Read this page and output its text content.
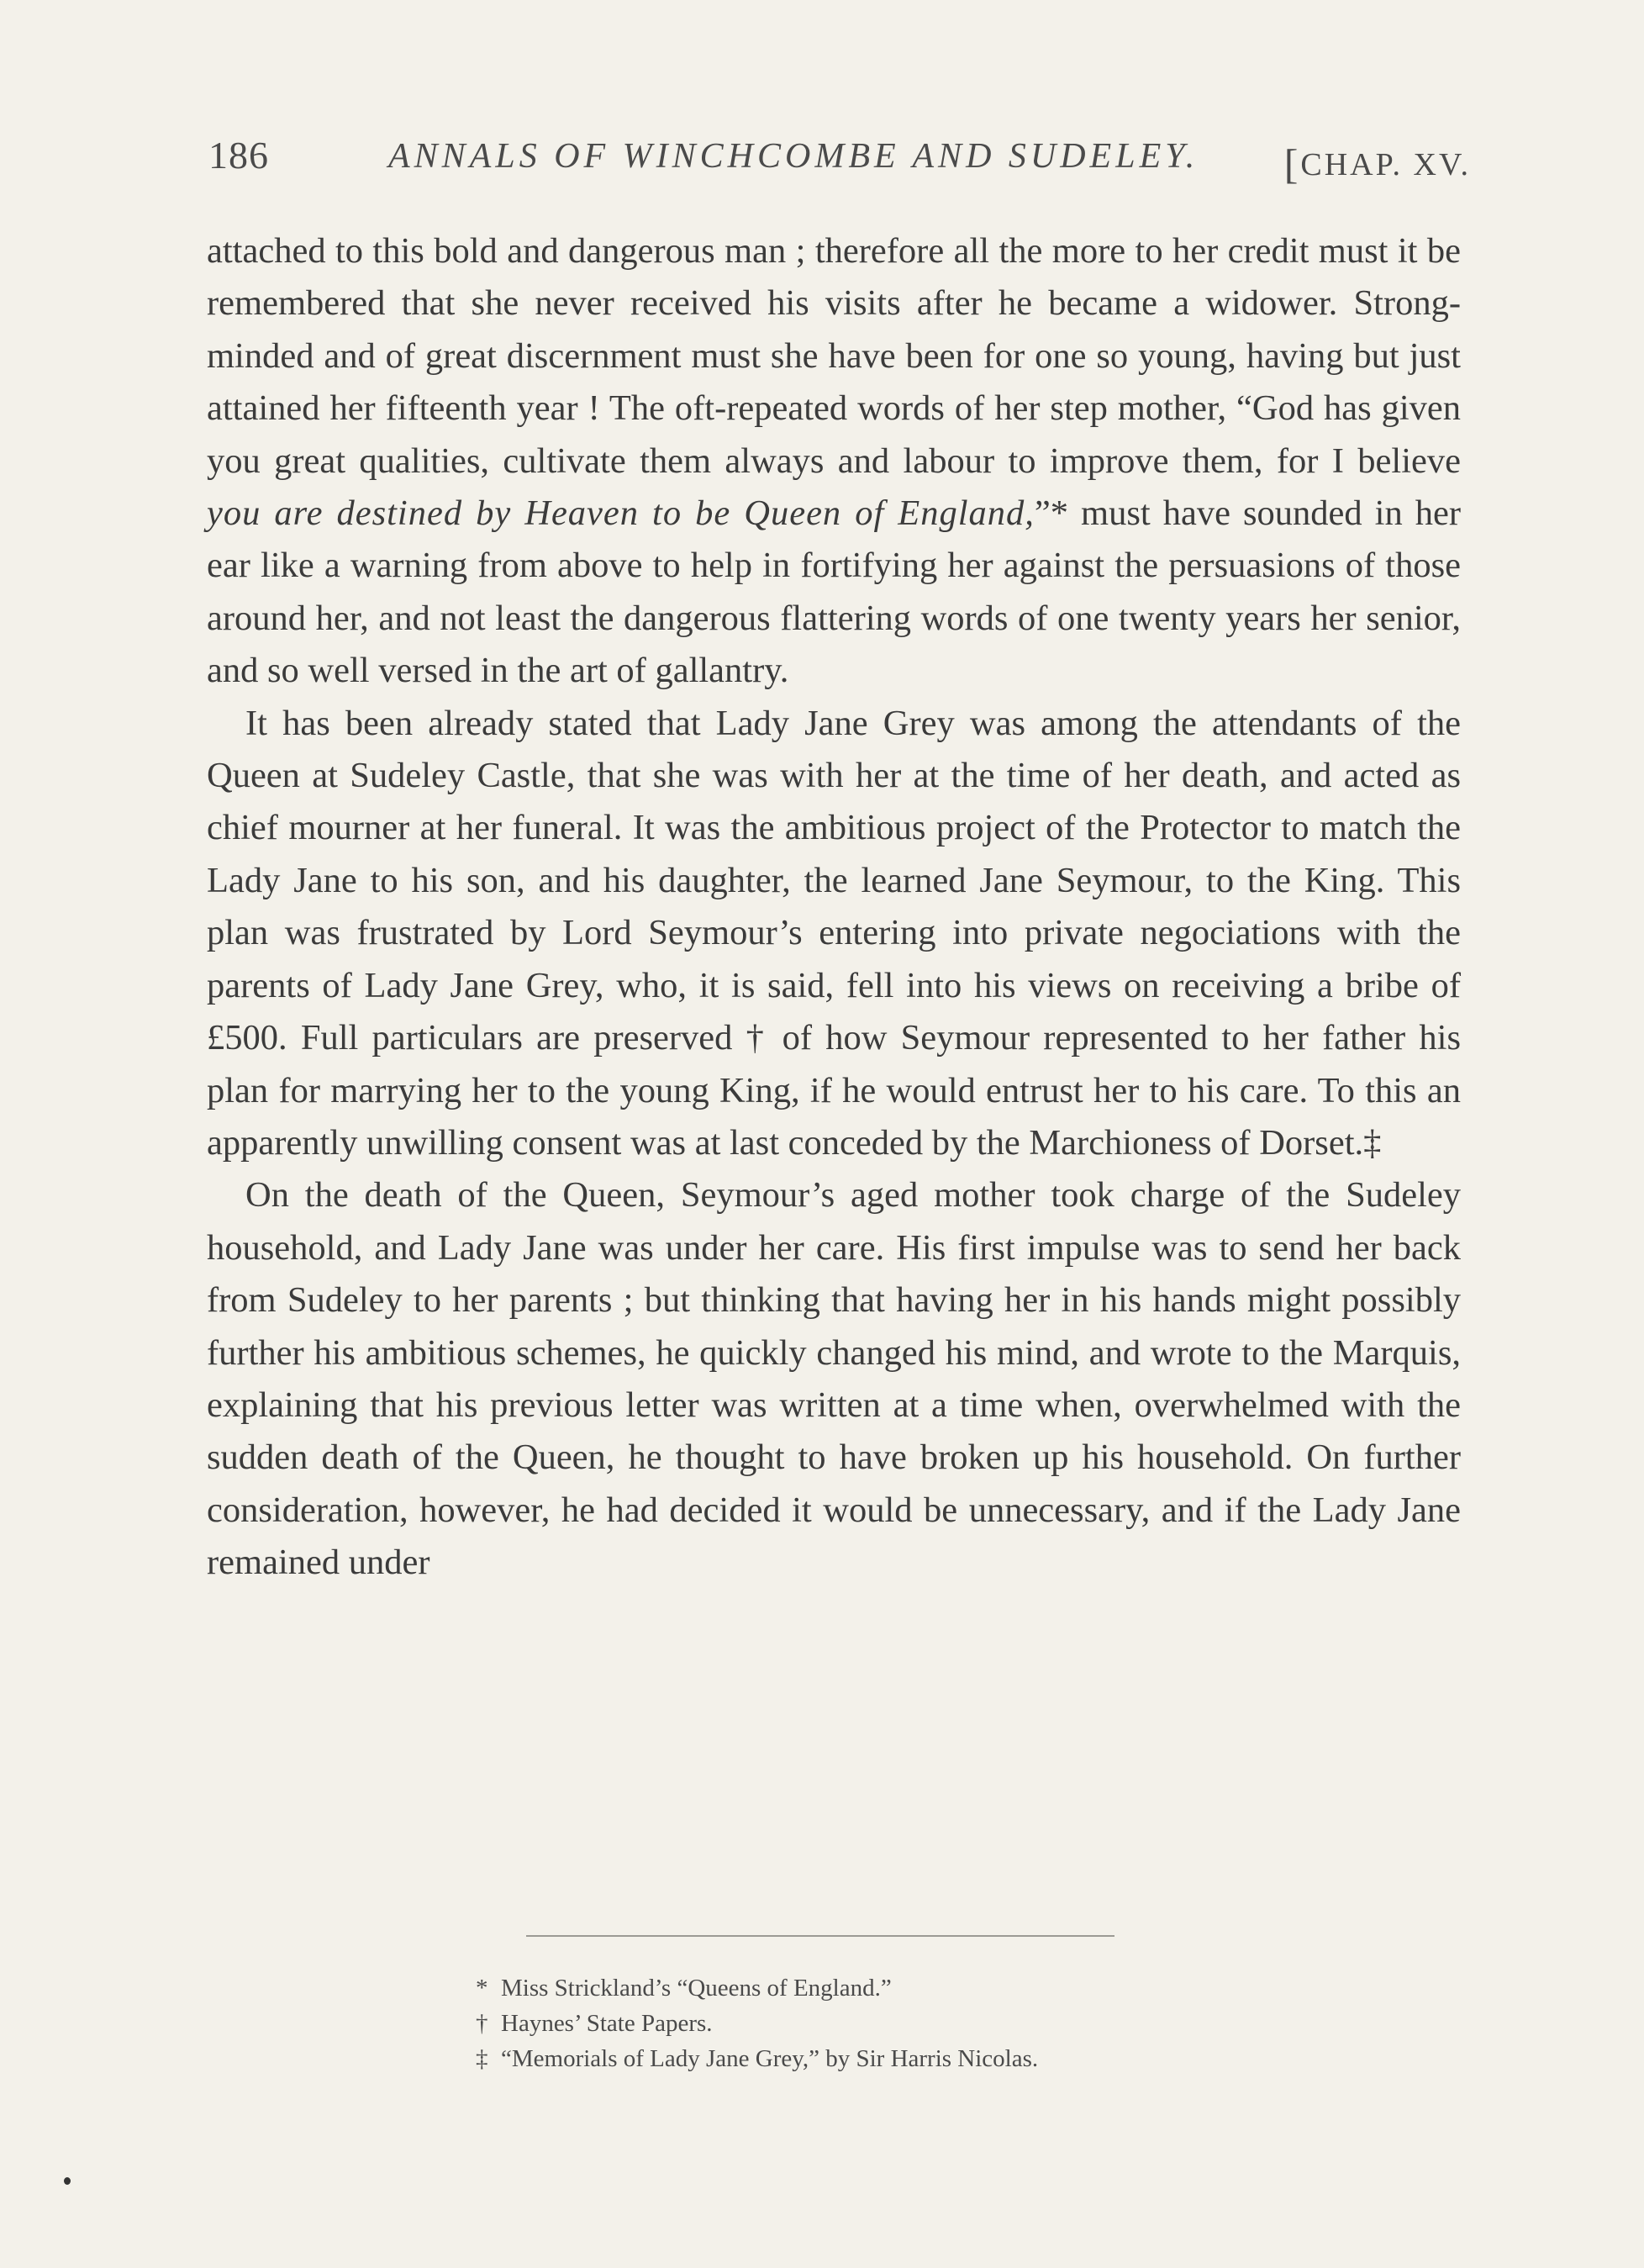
186	ANNALS OF WINCHCOMBE AND SUDELEY. [CHAP. XV.

attached to this bold and dangerous man ; therefore all the more to her credit must it be remembered that she never received his visits after he became a widower. Strong-minded and of great discernment must she have been for one so young, having but just attained her fifteenth year ! The oft-repeated words of her step mother, “God has given you great qualities, cultivate them always and labour to improve them, for I believe you are destined by Heaven to be Queen of England,”* must have sounded in her ear like a warning from above to help in fortifying her against the persuasions of those around her, and not least the dangerous flattering words of one twenty years her senior, and so well versed in the art of gallantry.

It has been already stated that Lady Jane Grey was among the attendants of the Queen at Sudeley Castle, that she was with her at the time of her death, and acted as chief mourner at her funeral. It was the ambitious project of the Protector to match the Lady Jane to his son, and his daughter, the learned Jane Seymour, to the King. This plan was frustrated by Lord Seymour’s entering into private negociations with the parents of Lady Jane Grey, who, it is said, fell into his views on receiving a bribe of £500. Full particulars are preserved † of how Seymour represented to her father his plan for marrying her to the young King, if he would entrust her to his care. To this an apparently unwilling consent was at last conceded by the Marchioness of Dorset.‡

On the death of the Queen, Seymour’s aged mother took charge of the Sudeley household, and Lady Jane was under her care. His first impulse was to send her back from Sudeley to her parents ; but thinking that having her in his hands might possibly further his ambitious schemes, he quickly changed his mind, and wrote to the Marquis, explaining that his previous letter was written at a time when, overwhelmed with the sudden death of the Queen, he thought to have broken up his household. On further consideration, however, he had decided it would be unnecessary, and if the Lady Jane remained under

* Miss Strickland’s “Queens of England.”
† Haynes’ State Papers.
‡ “Memorials of Lady Jane Grey,” by Sir Harris Nicolas.
